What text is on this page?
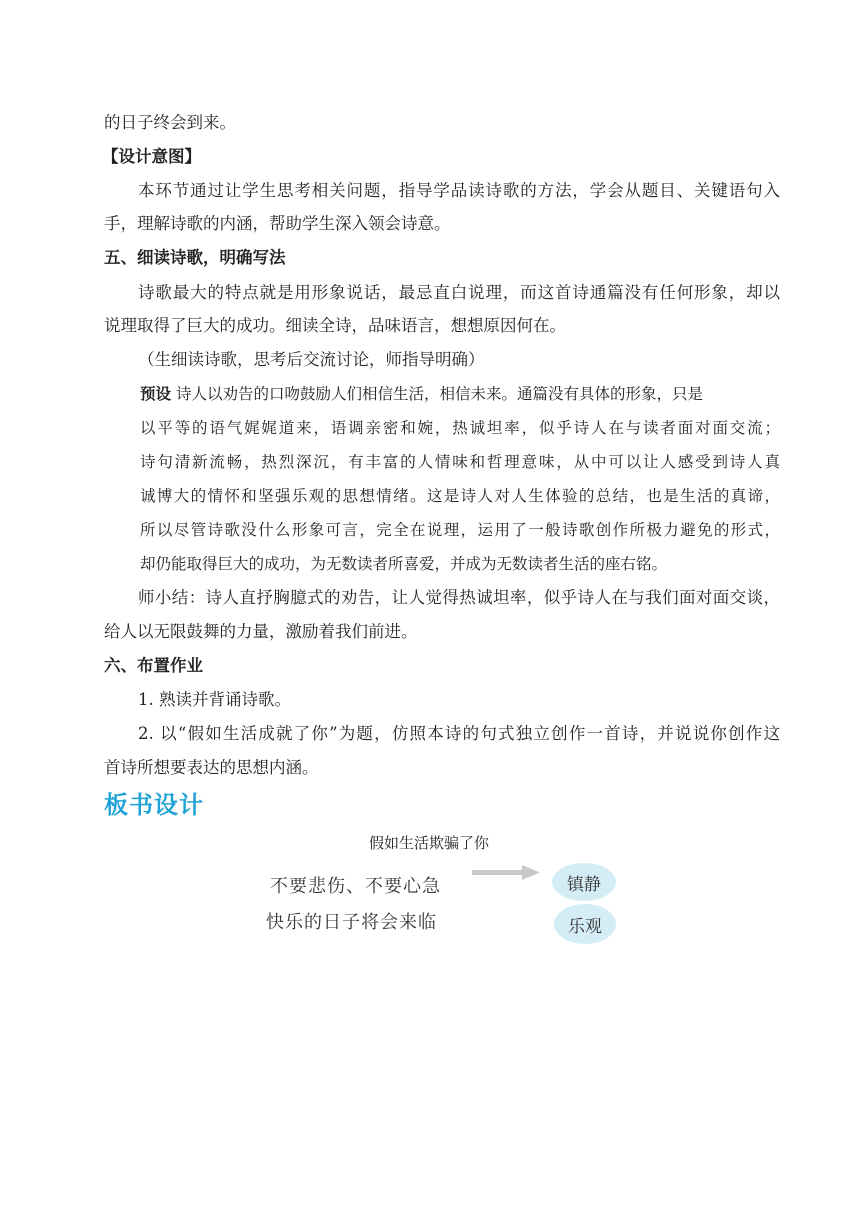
的日子终会到来。
【设计意图】
本环节通过让学生思考相关问题，指导学品读诗歌的方法，学会从题目、关键语句入
手，理解诗歌的内涵，帮助学生深入领会诗意。
五、细读诗歌，明确写法
诗歌最大的特点就是用形象说话，最忌直白说理，而这首诗通篇没有任何形象，却以
说理取得了巨大的成功。细读全诗，品味语言，想想原因何在。
（生细读诗歌，思考后交流讨论，师指导明确）
预设 诗人以劝告的口吻鼓励人们相信生活，相信未来。通篇没有具体的形象，只是
以平等的语气娓娓道来，语调亲密和婉，热诚坦率，似乎诗人在与读者面对面交流；
诗句清新流畅，热烈深沉，有丰富的人情味和哲理意味，从中可以让人感受到诗人真
诚博大的情怀和坚强乐观的思想情绪。这是诗人对人生体验的总结，也是生活的真谛，
所以尽管诗歌没什么形象可言，完全在说理，运用了一般诗歌创作所极力避免的形式，
却仍能取得巨大的成功，为无数读者所喜爱，并成为无数读者生活的座右铭。
师小结：诗人直抒胸臆式的劝告，让人觉得热诚坦率，似乎诗人在与我们面对面交谈，
给人以无限鼓舞的力量，激励着我们前进。
六、布置作业
1. 熟读并背诵诗歌。
2. 以“假如生活成就了你”为题，仿照本诗的句式独立创作一首诗，并说说你创作这
首诗所想要表达的思想内涵。
板书设计
假如生活欺骗了你
不要悲伤、不要心急
快乐的日子将会来临
镇静
乐观
